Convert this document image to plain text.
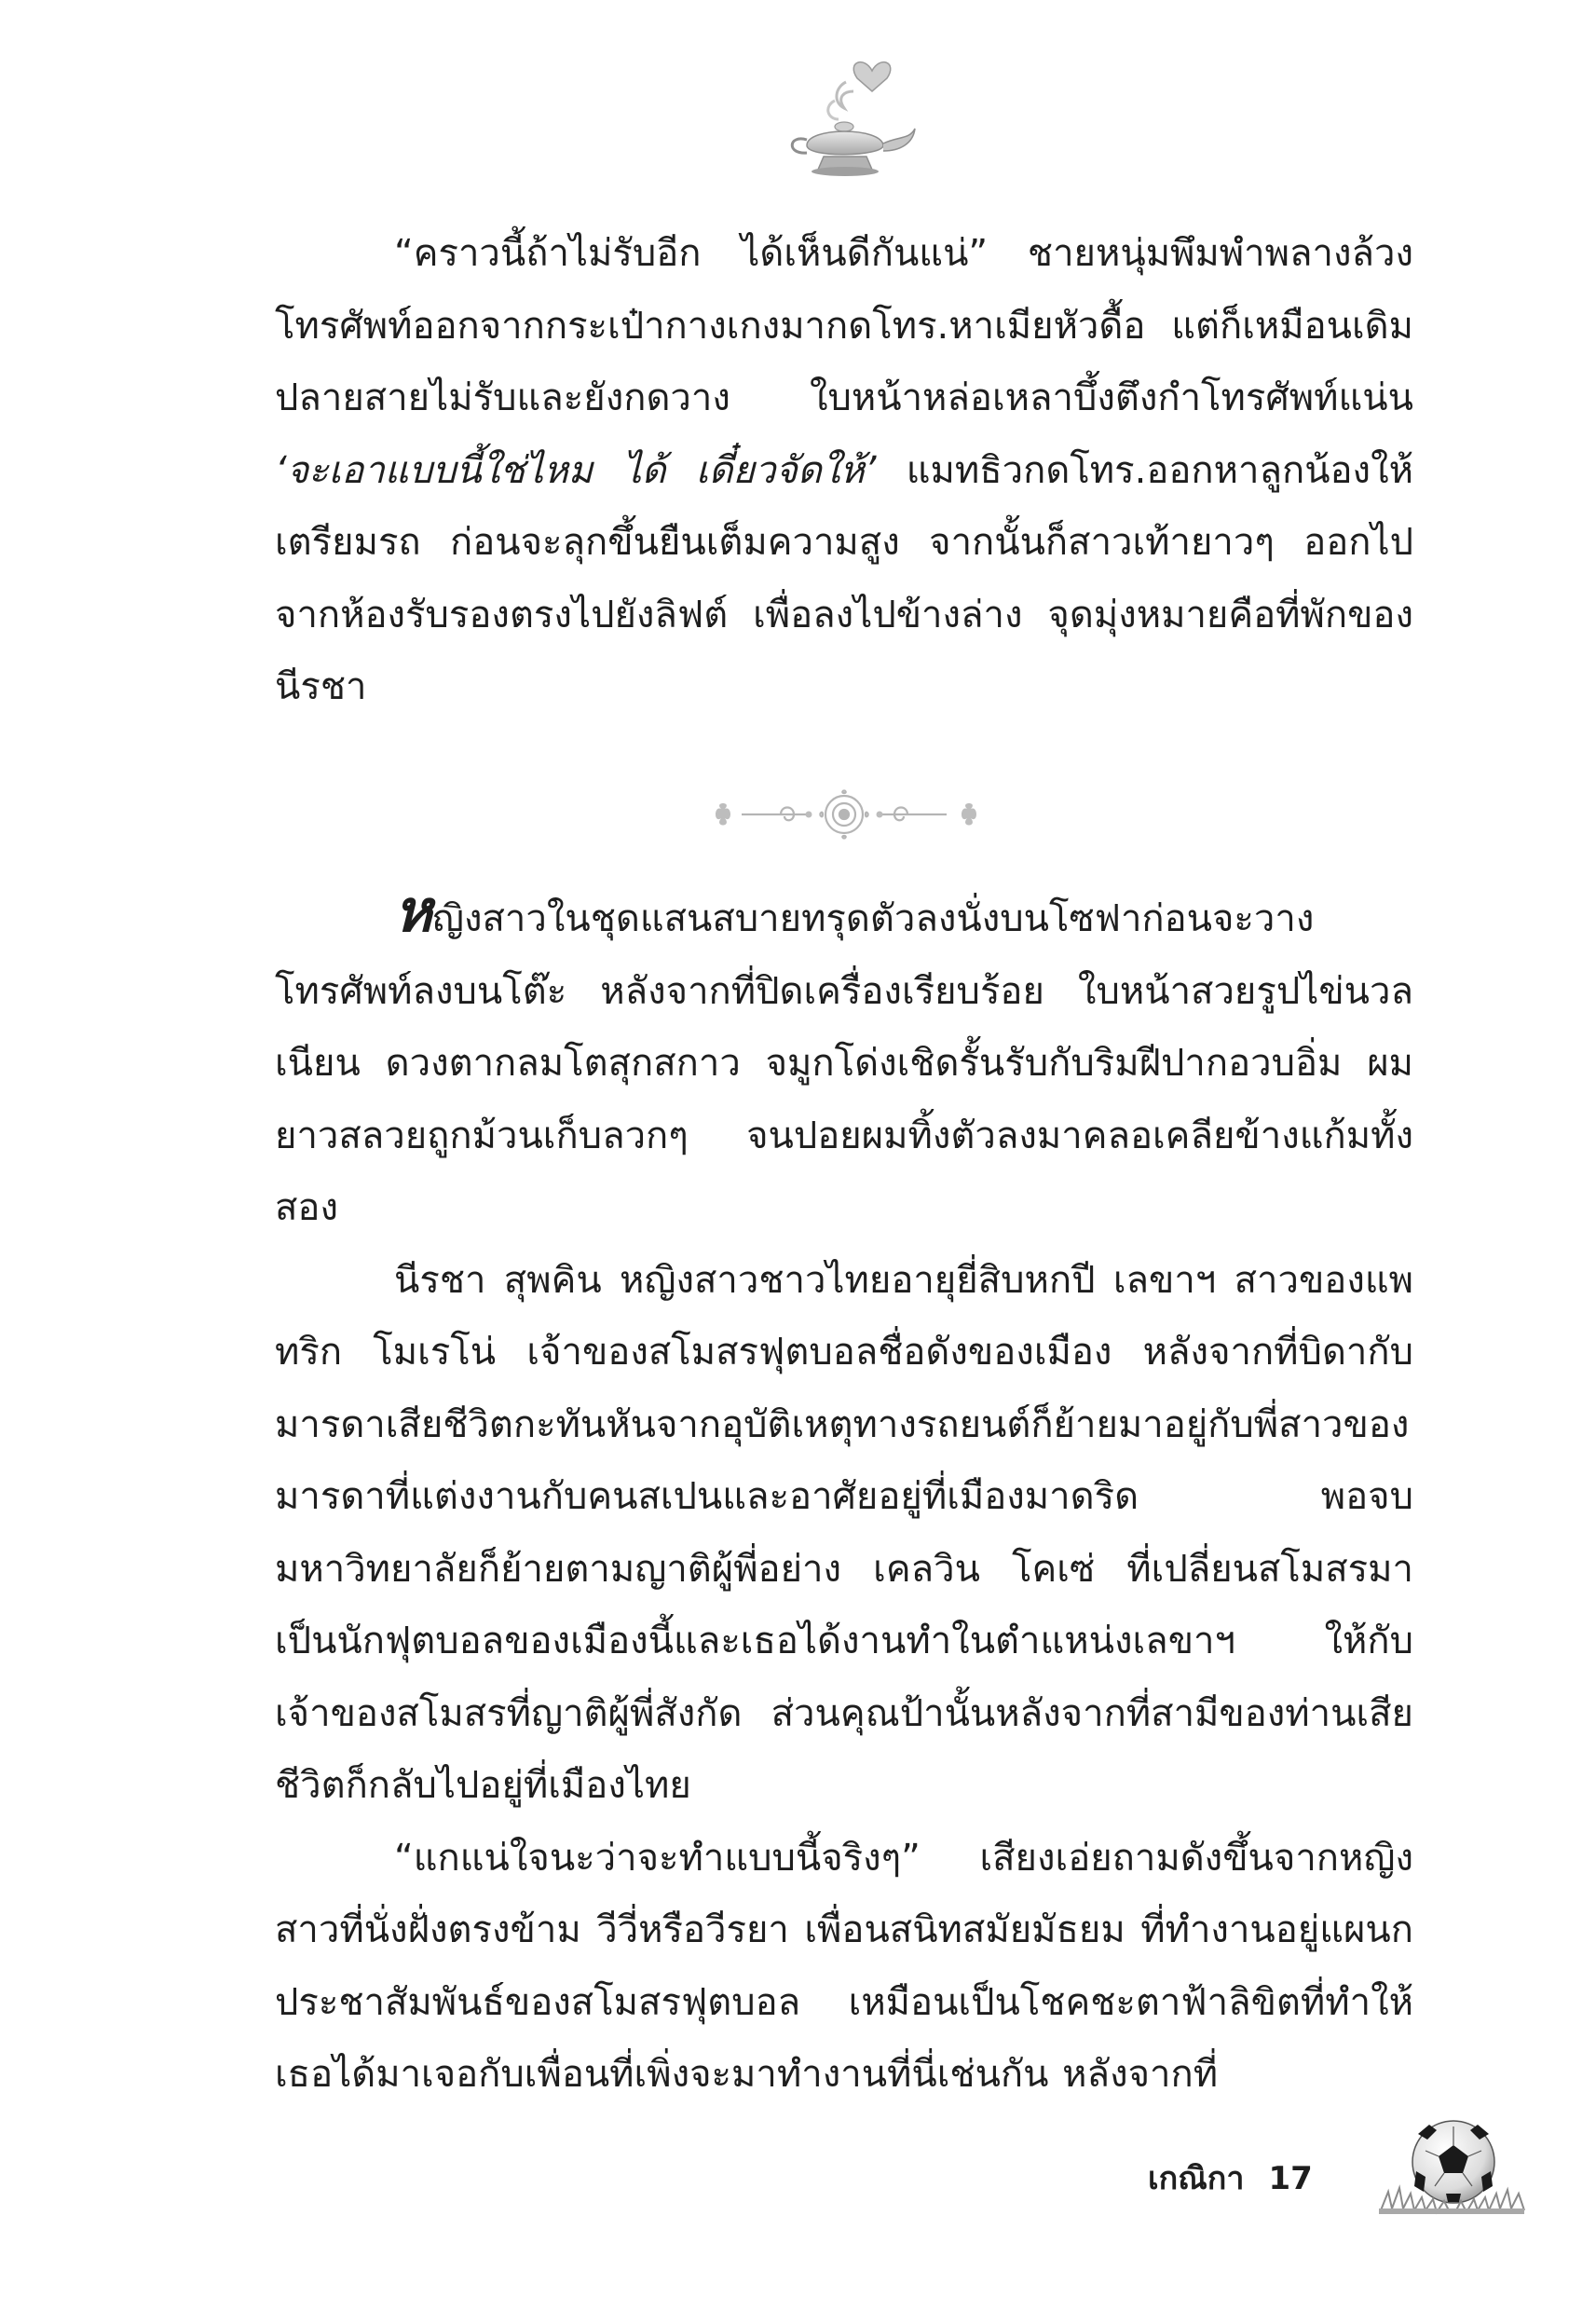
“คราวนี้ถ้าไม่รับอีก ได้เห็นดีกันแน่” ชายหนุ่มพึมพำพลางล้วงโทรศัพท์ออกจากกระเป๋ากางเกงมากดโทร.หาเมียหัวดื้อ แต่ก็เหมือนเดิม ปลายสายไม่รับและยังกดวาง ใบหน้าหล่อเหลาบึ้งตึงกำโทรศัพท์แน่น ‘จะเอาแบบนี้ใช่ไหม ได้ เดี๋ยวจัดให้’ แมทธิวกดโทร.ออกหาลูกน้องให้เตรียมรถ ก่อนจะลุกขึ้นยืนเต็มความสูง จากนั้นก็สาวเท้ายาวๆ ออกไปจากห้องรับรองตรงไปยังลิฟต์ เพื่อลงไปข้างล่าง จุดมุ่งหมายคือที่พักของนีรชา

หญิงสาวในชุดแสนสบายทรุดตัวลงนั่งบนโซฟาก่อนจะวางโทรศัพท์ลงบนโต๊ะ หลังจากที่ปิดเครื่องเรียบร้อย ใบหน้าสวยรูปไข่นวลเนียน ดวงตากลมโตสุกสกาว จมูกโด่งเชิดรั้นรับกับริมฝีปากอวบอิ่ม ผมยาวสลวยถูกม้วนเก็บลวกๆ จนปอยผมทิ้งตัวลงมาคลอเคลียข้างแก้มทั้งสอง

นีรชา สุพคิน หญิงสาวชาวไทยอายุยี่สิบหกปี เลขาฯ สาวของแพทริก โมเรโน่ เจ้าของสโมสรฟุตบอลชื่อดังของเมือง หลังจากที่บิดากับมารดาเสียชีวิตกะทันหันจากอุบัติเหตุทางรถยนต์ก็ย้ายมาอยู่กับพี่สาวของมารดาที่แต่งงานกับคนสเปนและอาศัยอยู่ที่เมืองมาดริด พอจบมหาวิทยาลัยก็ย้ายตามญาติผู้พี่อย่าง เคลวิน โคเซ่ ที่เปลี่ยนสโมสรมาเป็นนักฟุตบอลของเมืองนี้และเธอได้งานทำในตำแหน่งเลขาฯ ให้กับเจ้าของสโมสรที่ญาติผู้พี่สังกัด ส่วนคุณป้านั้นหลังจากที่สามีของท่านเสียชีวิตก็กลับไปอยู่ที่เมืองไทย

“แกแน่ใจนะว่าจะทำแบบนี้จริงๆ” เสียงเอ่ยถามดังขึ้นจากหญิงสาวที่นั่งฝั่งตรงข้าม วีวี่หรือวีรยา เพื่อนสนิทสมัยมัธยม ที่ทำงานอยู่แผนกประชาสัมพันธ์ของสโมสรฟุตบอล เหมือนเป็นโชคชะตาฟ้าลิขิตที่ทำให้เธอได้มาเจอกับเพื่อนที่เพิ่งจะมาทำงานที่นี่เช่นกัน หลังจากที่

เกณิกา 17
